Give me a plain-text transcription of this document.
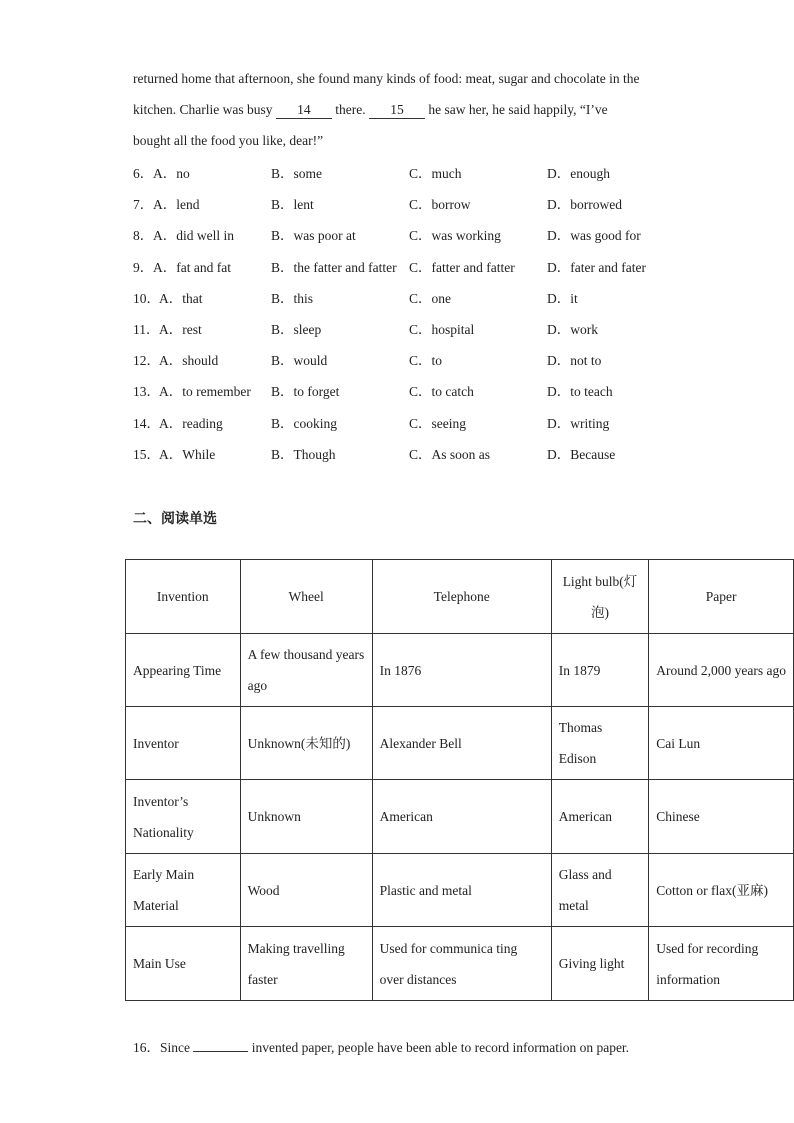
returned home that afternoon, she found many kinds of food: meat, sugar and chocolate in the
kitchen. Charlie was busy 14 there. 15 he saw her, he said happily, “I’ve
bought all the food you like, dear!”
6． A．no	B．some	C．much	D．enough
7． A．lend	B．lent	C．borrow	D．borrowed
8． A．did well in	B．was poor at	C．was working	D．was good for
9． A．fat and fat	B．the fatter and fatter C．fatter and fatter D．fater and fater
10． A．that	B．this	C．one	D．it
11． A．rest	B．sleep	C．hospital	D．work
12． A．should	B．would	C．to	D．not to
13． A．to remember B．to forget	C．to catch	D．to teach
14． A．reading	B．cooking	C．seeing	D．writing
15． A．While	B．Though	C．As soon as	D．Because
二、阅读单选
Invention	Wheel	Telephone	Light bulb(灯泡)	Paper
Appearing Time	A few thousand years ago	In 1876	In 1879	Around 2,000 years ago
Inventor	Unknown(未知的)	Alexander Bell	Thomas Edison	Cai Lun
Inventor’s Nationality	Unknown	American	American	Chinese
Early Main Material	Wood	Plastic and metal	Glass and metal	Cotton or flax(亚麻)
Main Use	Making travelling faster	Used for communica ting over distances	Giving light	Used for recording information
16．Since	invented paper, people have been able to record information on paper.
